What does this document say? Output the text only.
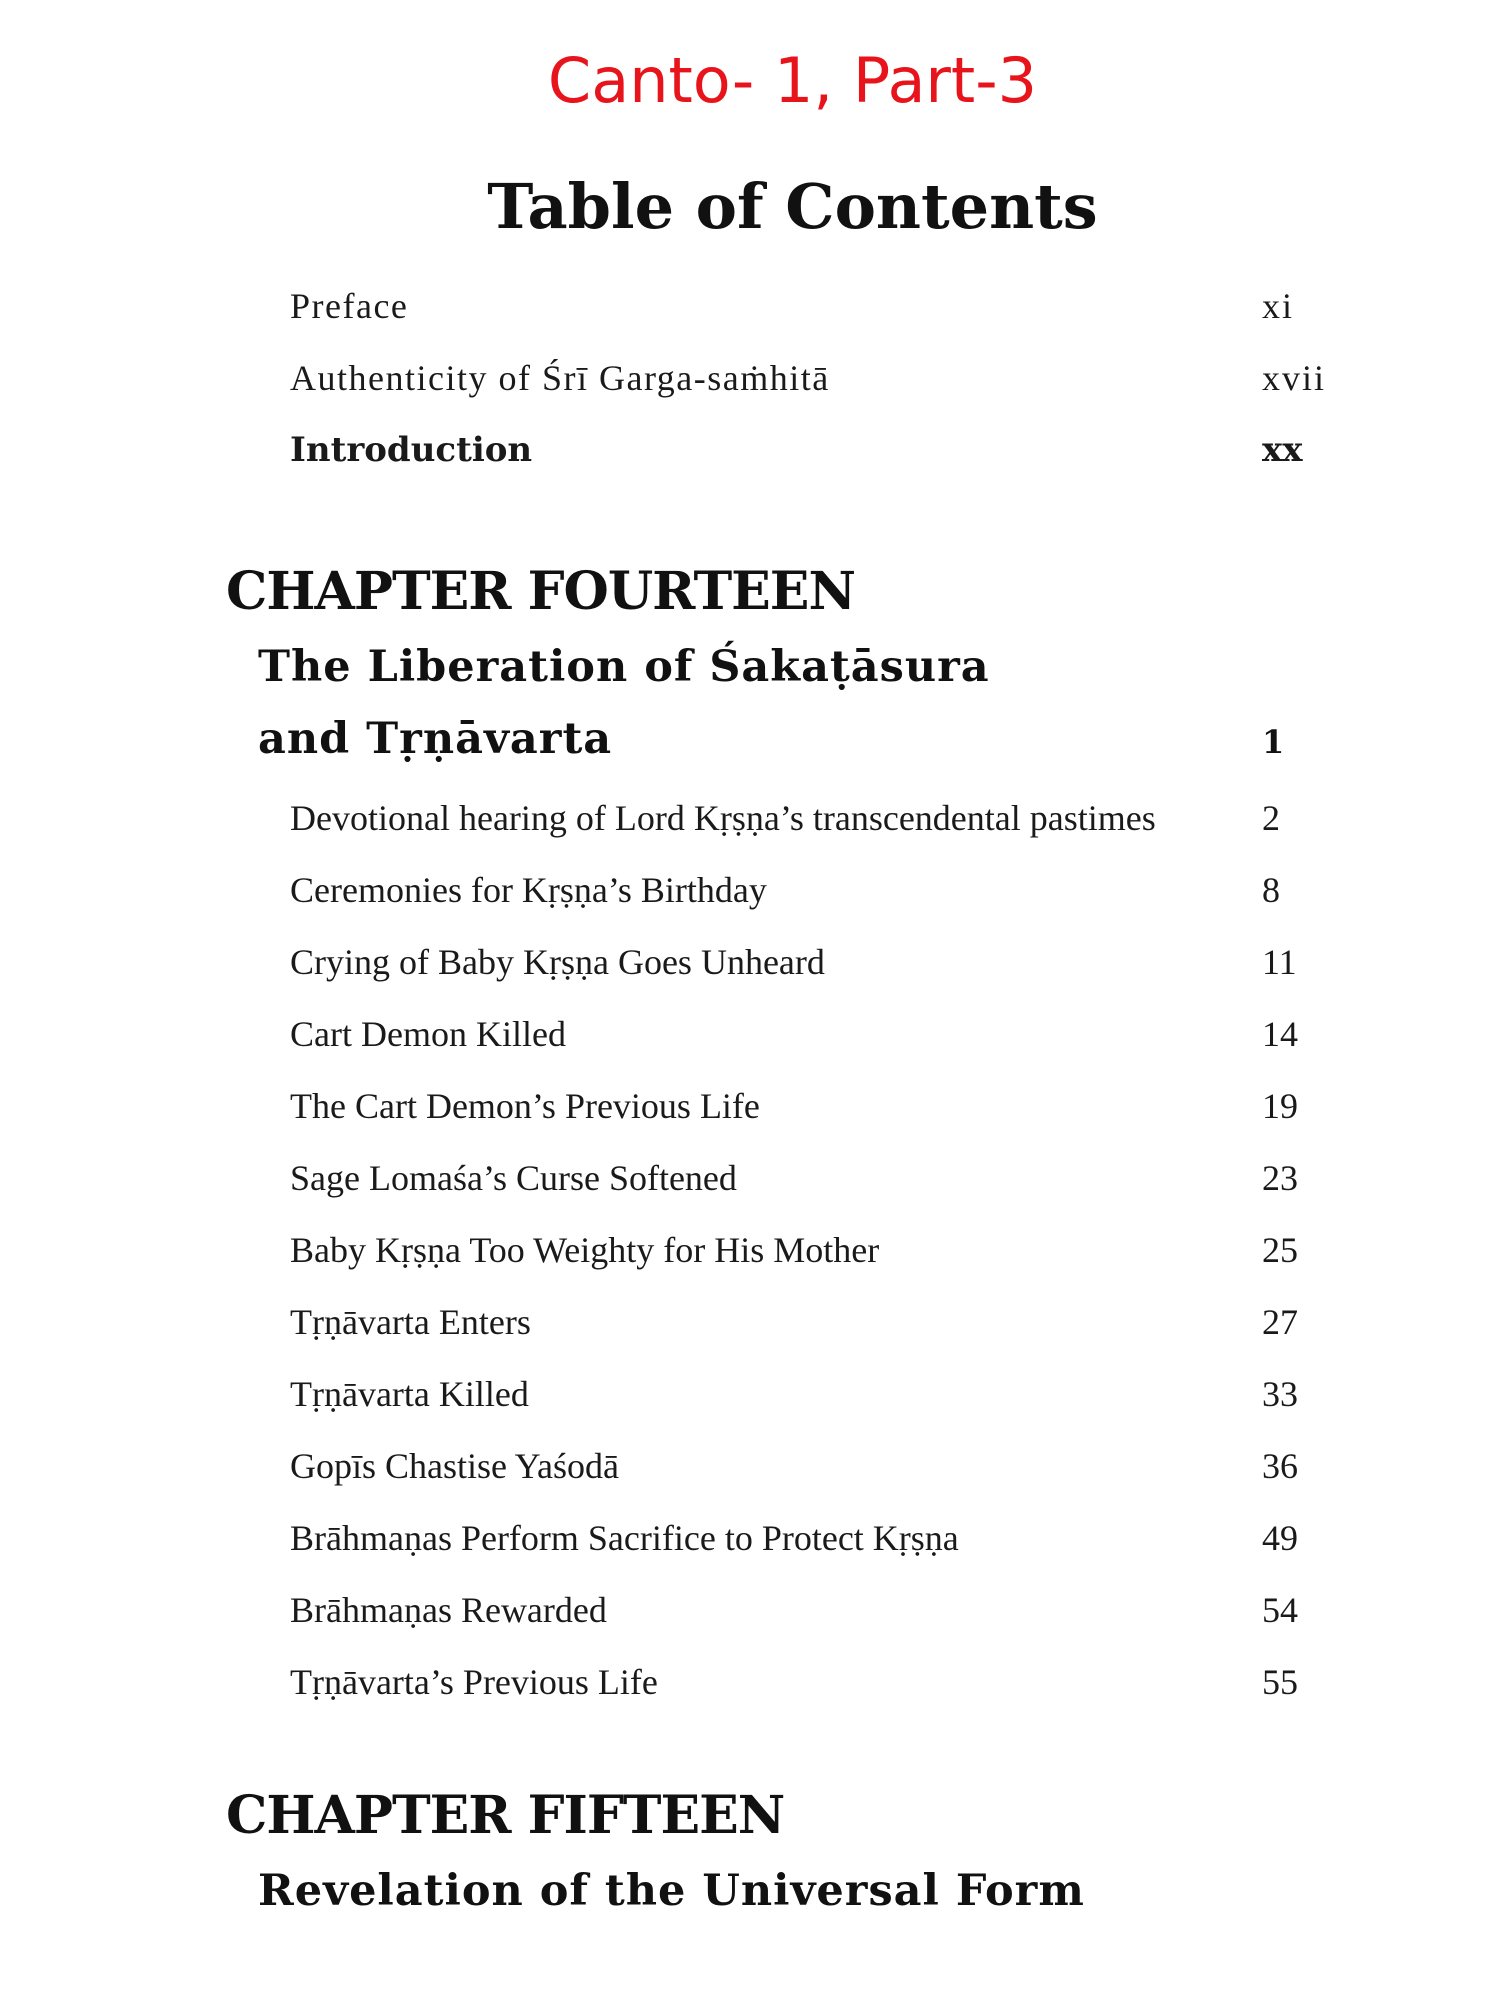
Canto- 1, Part-3
Table of Contents
Preface	xi
Authenticity of Śrī Garga-saṁhitā	xvii
Introduction	xx
CHAPTER FOURTEEN
The Liberation of Śakaṭāsura
and Tṛṇāvarta	1
Devotional hearing of Lord Kṛṣṇa’s transcendental pastimes	2
Ceremonies for Kṛṣṇa’s Birthday	8
Crying of Baby Kṛṣṇa Goes Unheard	11
Cart Demon Killed	14
The Cart Demon’s Previous Life	19
Sage Lomaśa’s Curse Softened	23
Baby Kṛṣṇa Too Weighty for His Mother	25
Tṛṇāvarta Enters	27
Tṛṇāvarta Killed	33
Gopīs Chastise Yaśodā	36
Brāhmaṇas Perform Sacrifice to Protect Kṛṣṇa	49
Brāhmaṇas Rewarded	54
Tṛṇāvarta’s Previous Life	55
CHAPTER FIFTEEN
Revelation of the Universal Form
